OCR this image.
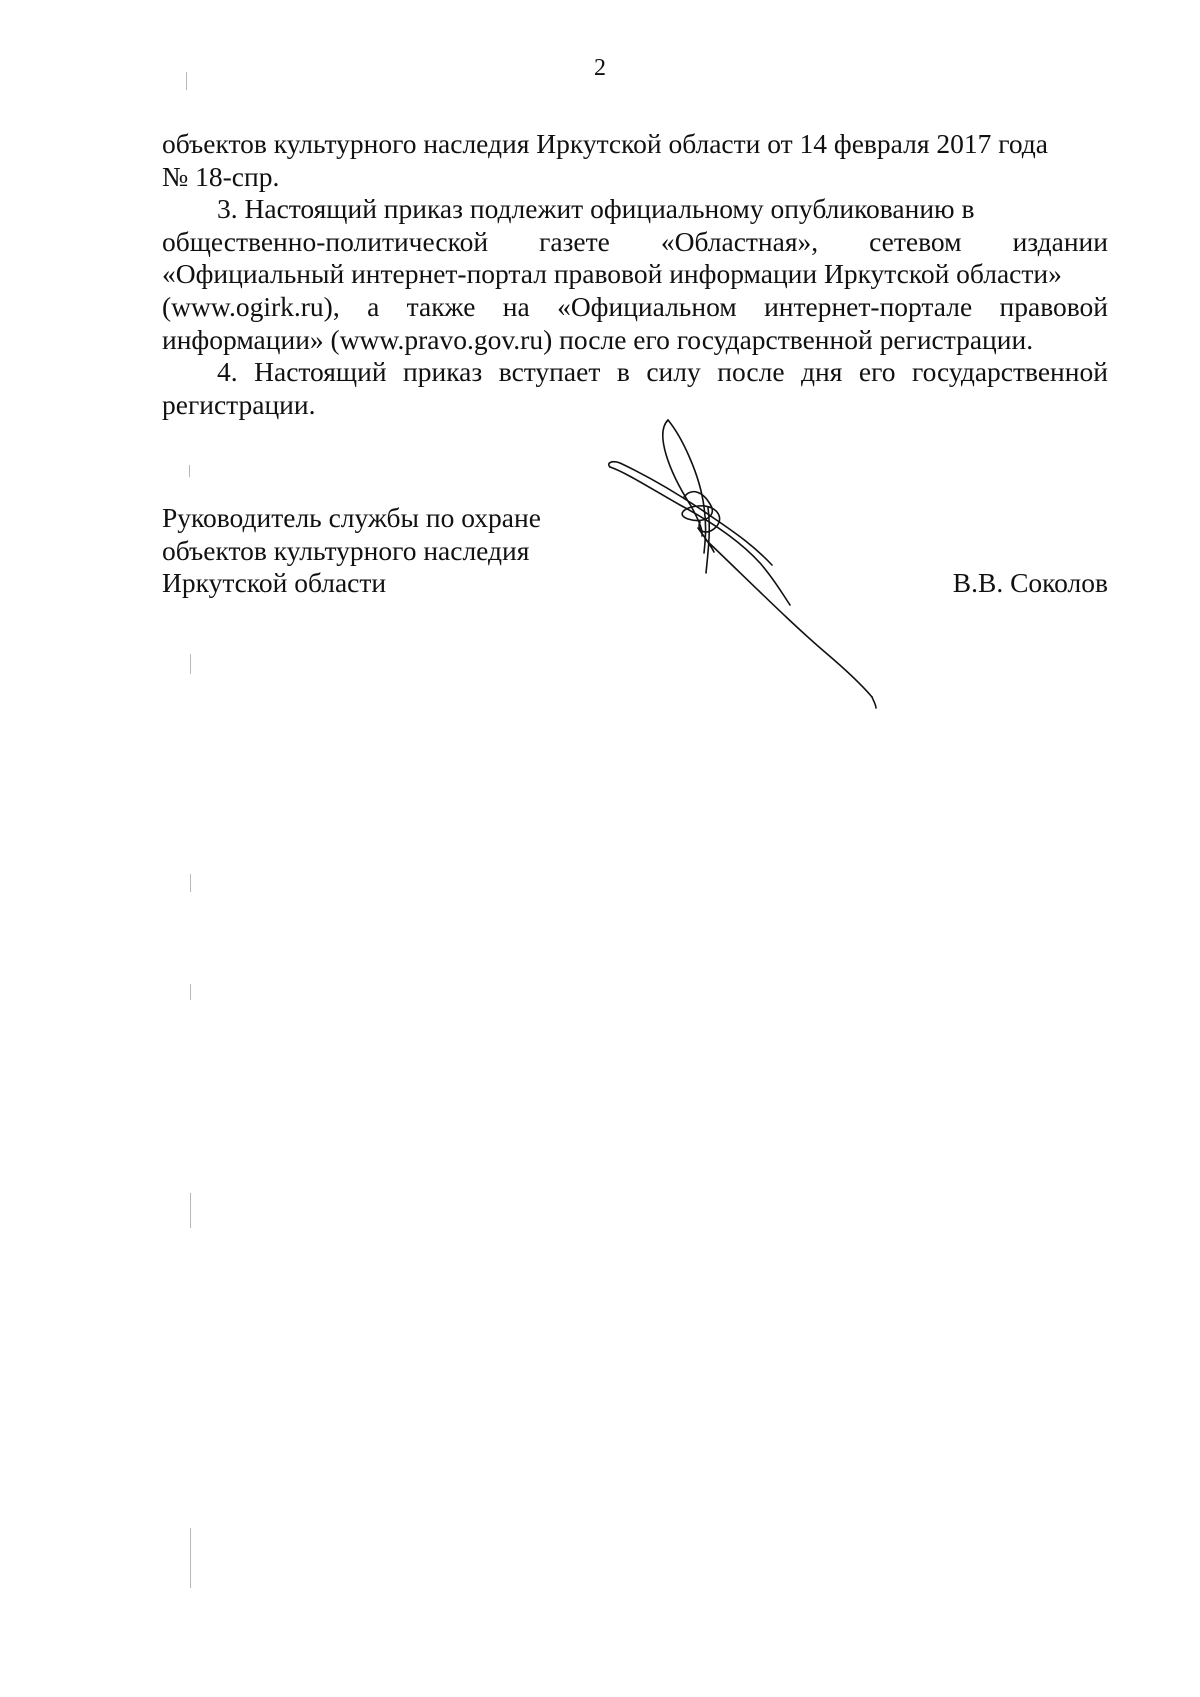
2
объектов культурного наследия Иркутской области от 14 февраля 2017 года
№ 18-спр.
3. Настоящий приказ подлежит официальному опубликованию в
общественно-политической газете «Областная», сетевом издании
«Официальный интернет-портал правовой информации Иркутской области»
(www.ogirk.ru), а также на «Официальном интернет-портале правовой
информации» (www.pravo.gov.ru) после его государственной регистрации.
4. Настоящий приказ вступает в силу после дня его государственной
регистрации.
Руководитель службы по охране
объектов культурного наследия
Иркутской области	В.В. Соколов
